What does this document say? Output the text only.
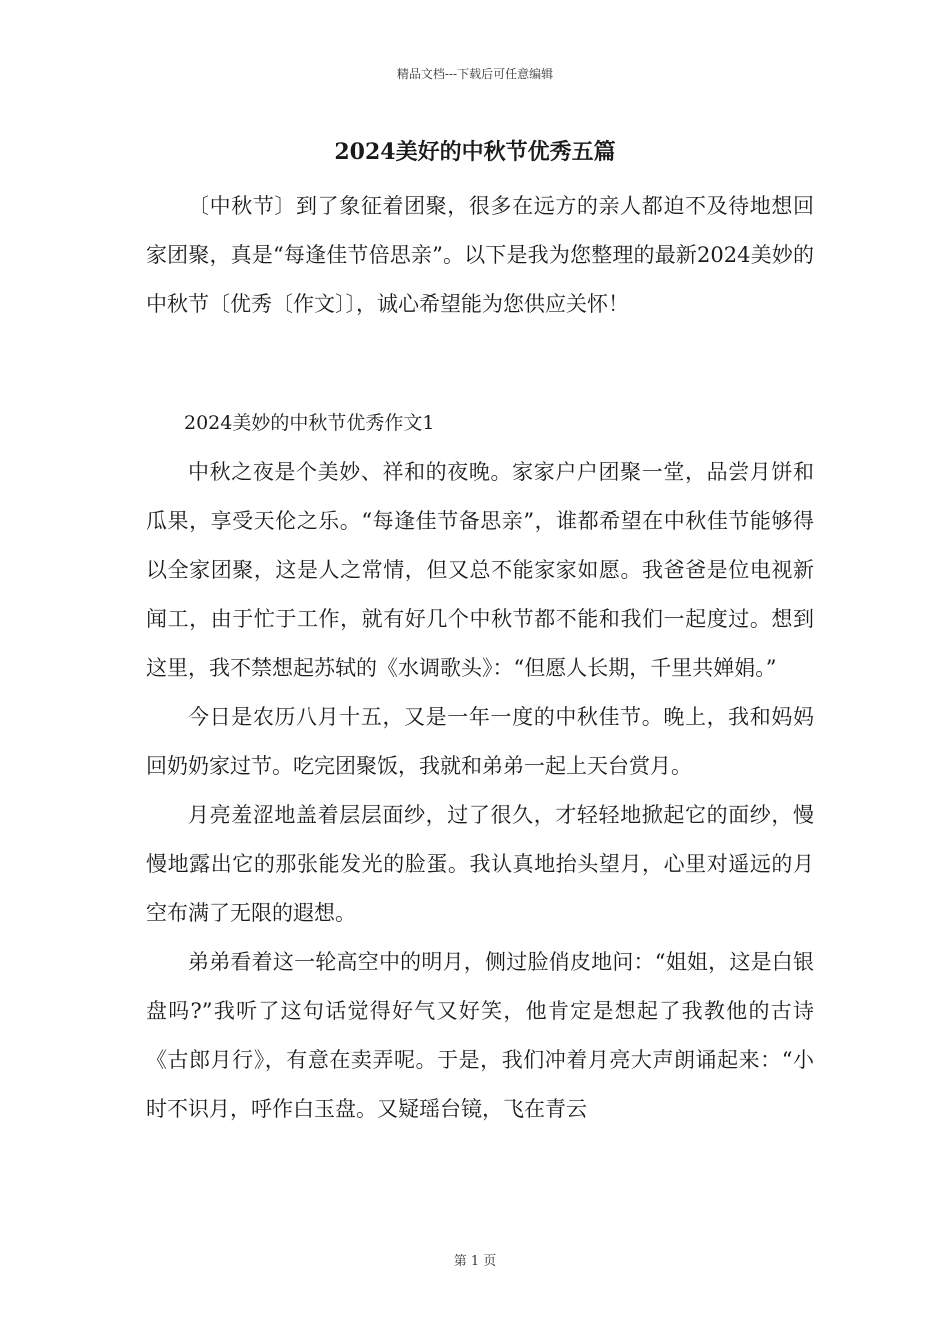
精品文档---下载后可任意编辑
2024美好的中秋节优秀五篇

〔中秋节〕到了象征着团聚，很多在远方的亲人都迫不及待地想回家团聚，真是“每逢佳节倍思亲”。以下是我为您整理的最新2024美妙的中秋节〔优秀〔作文〕〕，诚心希望能为您供应关怀！

2024美妙的中秋节优秀作文1

中秋之夜是个美妙、祥和的夜晚。家家户户团聚一堂，品尝月饼和瓜果，享受天伦之乐。“每逢佳节备思亲”，谁都希望在中秋佳节能够得以全家团聚，这是人之常情，但又总不能家家如愿。我爸爸是位电视新闻工，由于忙于工作，就有好几个中秋节都不能和我们一起度过。想到这里，我不禁想起苏轼的《水调歌头》：“但愿人长期，千里共婵娟。”

今日是农历八月十五，又是一年一度的中秋佳节。晚上，我和妈妈回奶奶家过节。吃完团聚饭，我就和弟弟一起上天台赏月。

月亮羞涩地盖着层层面纱，过了很久，才轻轻地掀起它的面纱，慢慢地露出它的那张能发光的脸蛋。我认真地抬头望月，心里对遥远的月空布满了无限的遐想。

弟弟看着这一轮高空中的明月，侧过脸俏皮地问：“姐姐，这是白银盘吗?”我听了这句话觉得好气又好笑，他肯定是想起了我教他的古诗《古郎月行》，有意在卖弄呢。于是，我们冲着月亮大声朗诵起来：“小时不识月，呼作白玉盘。又疑瑶台镜，飞在青云

第 1 页
